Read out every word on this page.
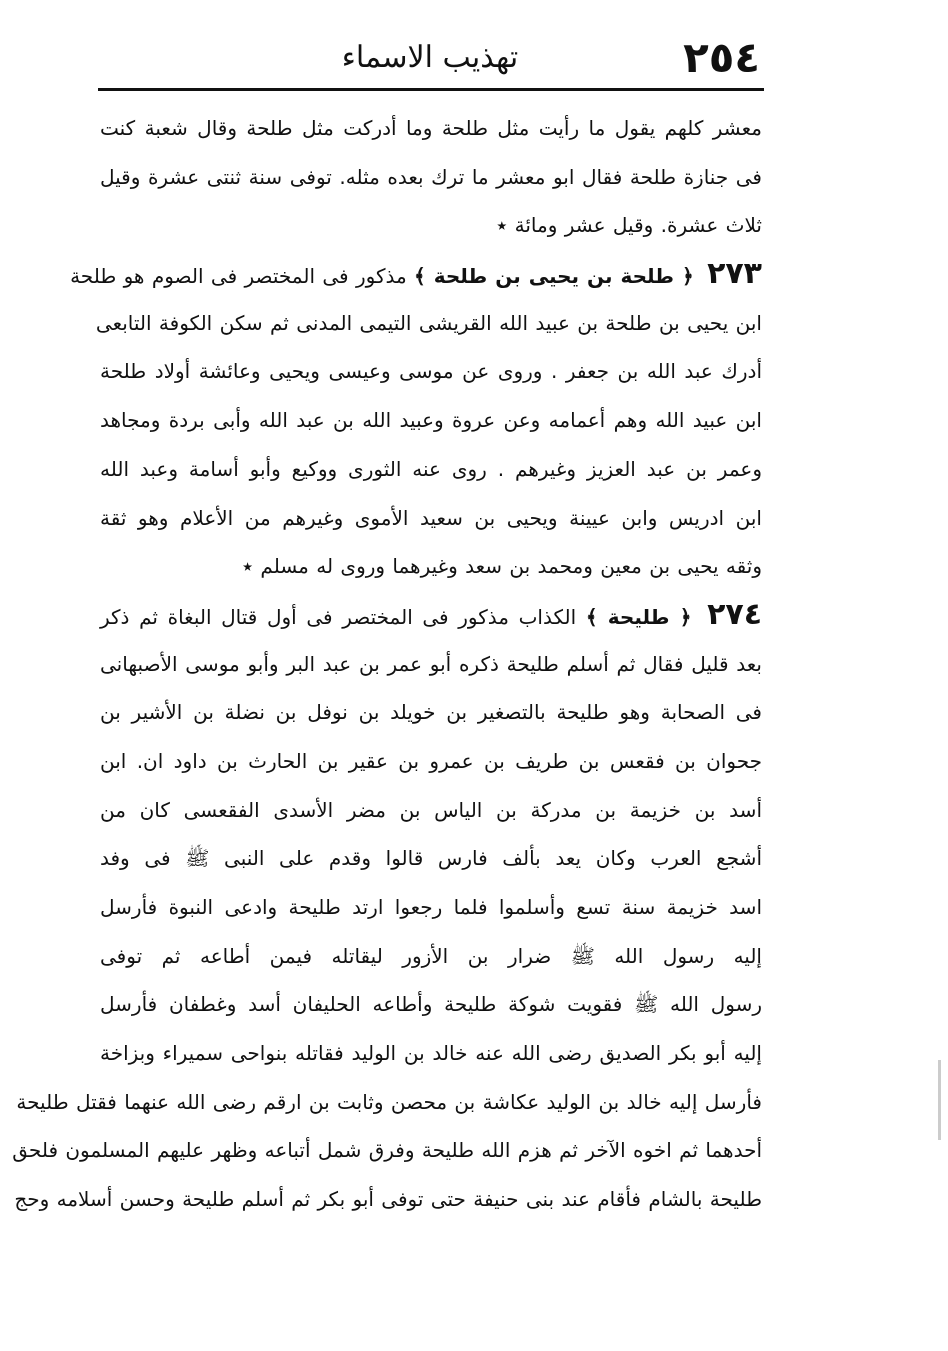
٢٥٤
تهذيب الاسماء
معشر كلهم يقول ما رأيت مثل طلحة وما أدركت مثل طلحة وقال شعبة كنت
فى جنازة طلحة فقال ابو معشر ما ترك بعده مثله. توفى سنة ثنتى عشرة وقيل
ثلاث عشرة. وقيل عشر ومائة ٭
٢٧٣ ﴿ طلحة بن يحيى بن طلحة ﴾ مذكور فى المختصر فى الصوم هو طلحة
ابن يحيى بن طلحة بن عبيد الله القريشى التيمى المدنى ثم سكن الكوفة التابعى
أدرك عبد الله بن جعفر . وروى عن موسى وعيسى ويحيى وعائشة أولاد طلحة
ابن عبيد الله وهم أعمامه وعن عروة وعبيد الله بن عبد الله وأبى بردة ومجاهد
وعمر بن عبد العزيز وغيرهم . روى عنه الثورى ووكيع وأبو أسامة وعبد الله
ابن ادريس وابن عيينة ويحيى بن سعيد الأموى وغيرهم من الأعلام وهو ثقة
وثقه يحيى بن معين ومحمد بن سعد وغيرهما وروى له مسلم ٭
٢٧٤ ﴿ طليحة ﴾ الكذاب مذكور فى المختصر فى أول قتال البغاة ثم ذكر
بعد قليل فقال ثم أسلم طليحة ذكره أبو عمر بن عبد البر وأبو موسى الأصبهانى
فى الصحابة وهو طليحة بالتصغير بن خويلد بن نوفل بن نضلة بن الأشير بن
جحوان بن فقعس بن طريف بن عمرو بن عقير بن الحارث بن داود ان. ابن
أسد بن خزيمة بن مدركة بن الياس بن مضر الأسدى الفقعسى كان من
أشجع العرب وكان يعد بألف فارس قالوا وقدم على النبى ﷺ فى وفد
اسد خزيمة سنة تسع وأسلموا فلما رجعوا ارتد طليحة وادعى النبوة فأرسل
إليه رسول الله ﷺ ضرار بن الأزور ليقاتله فيمن أطاعه ثم توفى
رسول الله ﷺ فقويت شوكة طليحة وأطاعه الحليفان أسد وغطفان فأرسل
إليه أبو بكر الصديق رضى الله عنه خالد بن الوليد فقاتله بنواحى سميراء وبزاخة
فأرسل إليه خالد بن الوليد عكاشة بن محصن وثابت بن ارقم رضى الله عنهما فقتل طليحة
أحدهما ثم اخوه الآخر ثم هزم الله طليحة وفرق شمل أتباعه وظهر عليهم المسلمون فلحق
طليحة بالشام فأقام عند بنى حنيفة حتى توفى أبو بكر ثم أسلم طليحة وحسن أسلامه وحج
